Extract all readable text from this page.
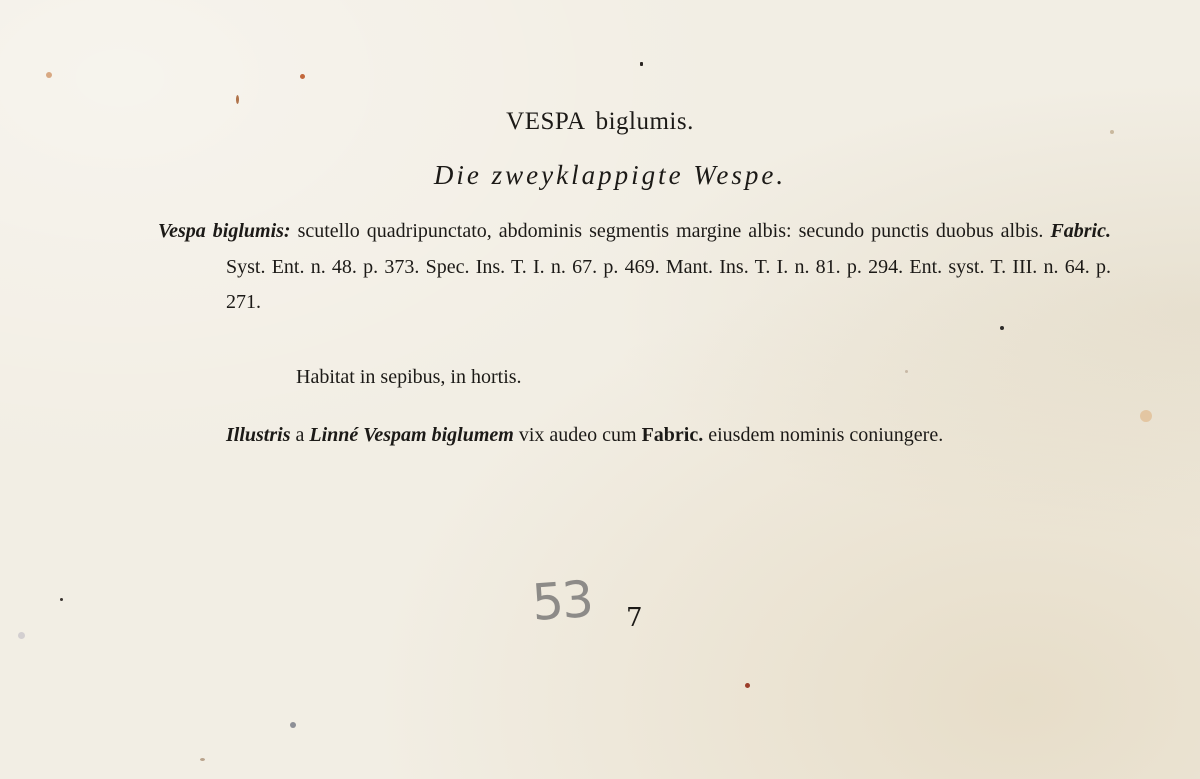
VESPA biglumis.
Die zweyklappigte Wespe.
Vespa biglumis: scutello quadripunctato, abdominis segmentis margine albis: secundo punctis duobus albis. Fabric. Syst. Ent. n. 48. p. 373. Spec. Ins. T. I. n. 67. p. 469. Mant. Ins. T. I. n. 81. p. 294. Ent. syst. T. III. n. 64. p. 271.
Habitat in sepibus, in hortis.
Illustris a Linné Vespam biglumem vix audeo cum Fabric. eiusdem nominis coniungere.
53 7
